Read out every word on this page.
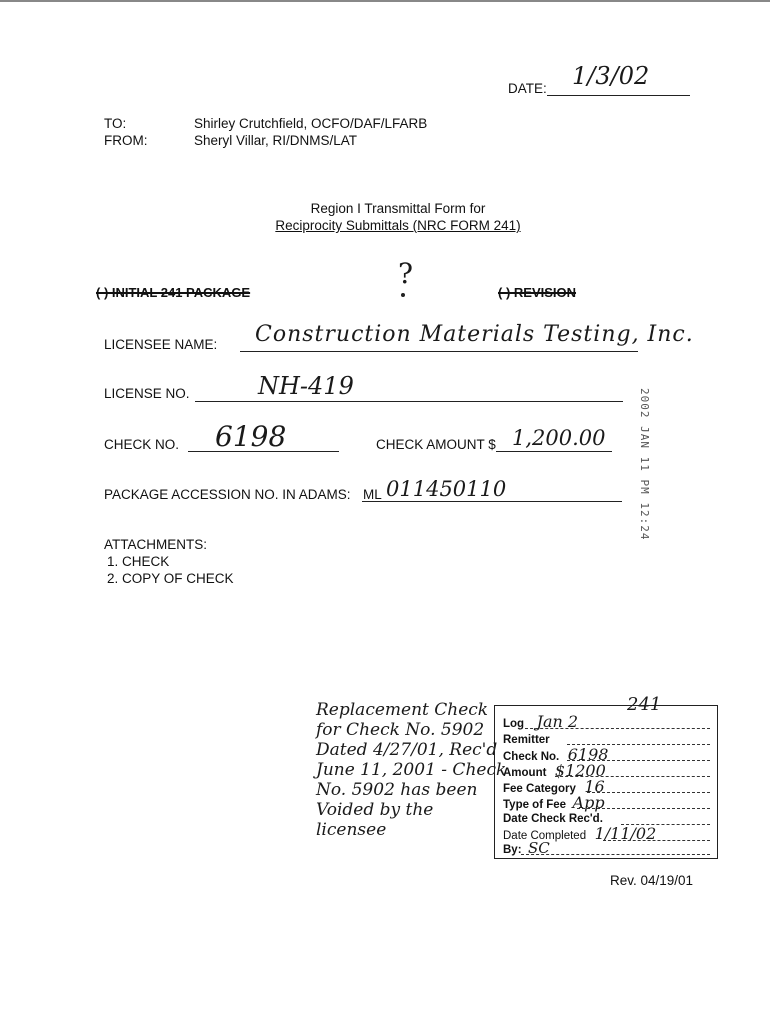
DATE: 1/3/02
TO:	Shirley Crutchfield, OCFO/DAF/LFARB
FROM:	Sheryl Villar, RI/DNMS/LAT
Region I Transmittal Form for
Reciprocity Submittals (NRC FORM 241)
( ) INITIAL 241 PACKAGE
?
( ) REVISION
LICENSEE NAME: Construction Materials Testing, Inc.
LICENSE NO.	NH-419
CHECK NO. 6198	CHECK AMOUNT $ 1,200.00
PACKAGE ACCESSION NO. IN ADAMS: ML 011450110	2002 JAN 11 PM 12:24
ATTACHMENTS:
1. CHECK
2. COPY OF CHECK
Replacement Check
for Check No. 5902
Dated 4/27/01, Rec'd
June 11, 2001 - Check
No. 5902 has been
Voided by the
licensee
Log Jan 2
241
Remitter
Check No. 6198
Amount $1200
Fee Category 16
Type of Fee App
Date Check Rec'd.
Date Completed 1/11/02
By: SC
Rev. 04/19/01
